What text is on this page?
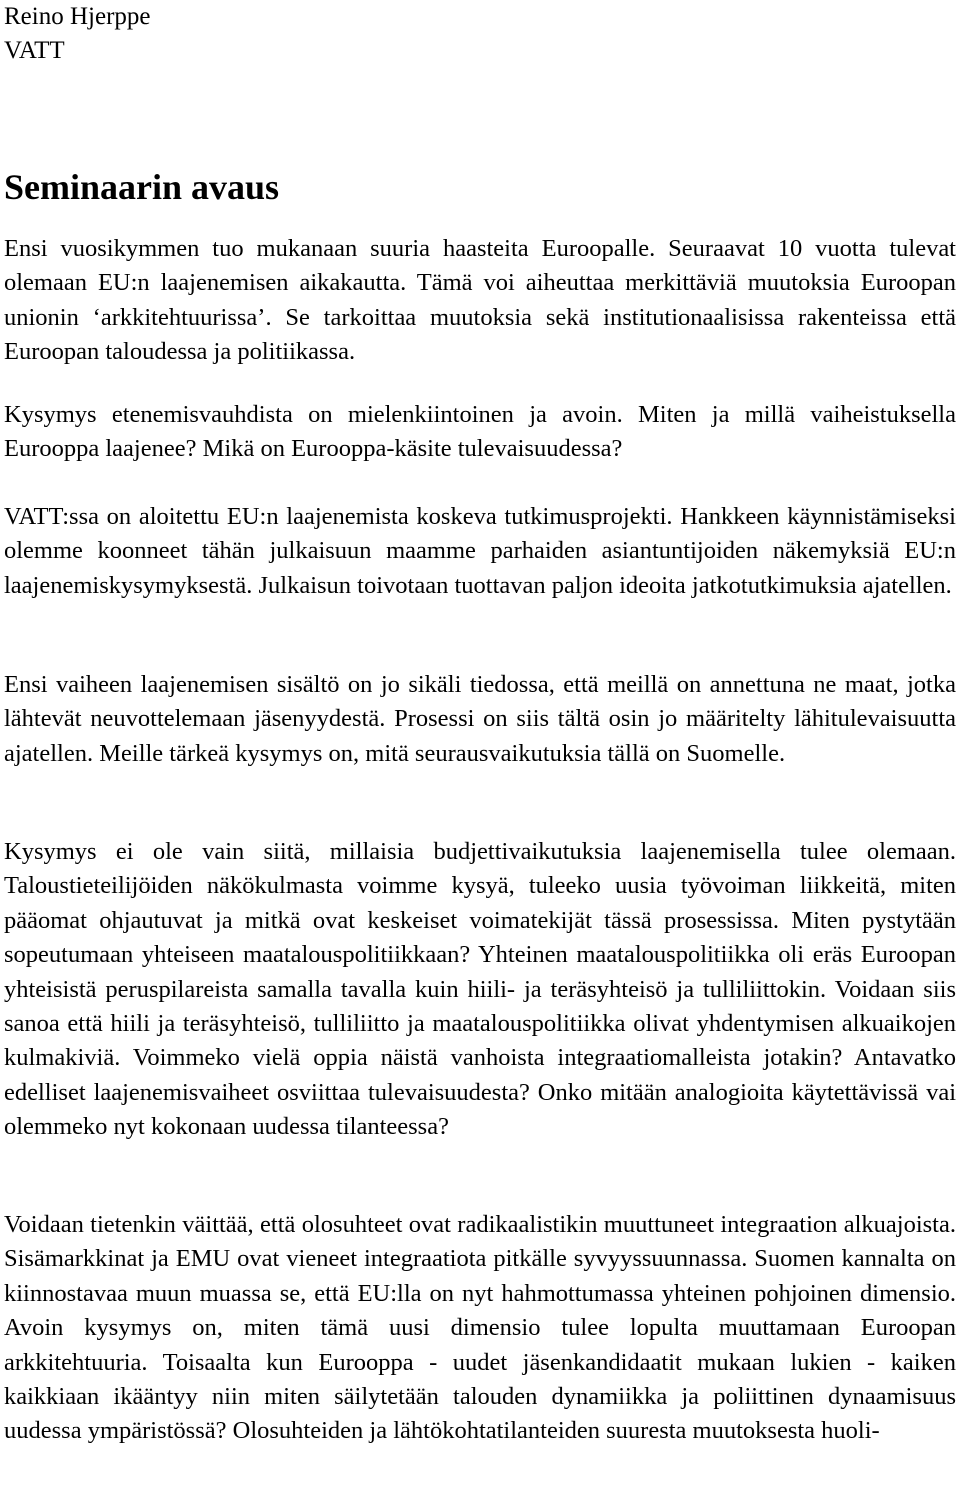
Reino Hjerppe

VATT

Seminaarin avaus

Ensi vuosikymmen tuo mukanaan suuria haasteita Euroopalle. Seuraavat 10 vuotta tulevat olemaan EU:n laajenemisen aikakautta. Tämä voi aiheuttaa merkittäviä muutoksia Euroopan unionin ‘arkkitehtuurissa’. Se tarkoittaa muutoksia sekä institutionaalisissa rakenteissa että Euroopan taloudessa ja politiikassa.

Kysymys etenemisvauhdista on mielenkiintoinen ja avoin. Miten ja millä vaiheistuksella Eurooppa laajenee? Mikä on Eurooppa-käsite tulevaisuudessa?

VATT:ssa on aloitettu EU:n laajenemista koskeva tutkimusprojekti. Hankkeen käynnistämiseksi olemme koonneet tähän julkaisuun maamme parhaiden asiantuntijoiden näkemyksiä EU:n laajenemiskysymyksestä. Julkaisun toivotaan tuottavan paljon ideoita jatkotutkimuksia ajatellen.

Ensi vaiheen laajenemisen sisältö on jo sikäli tiedossa, että meillä on annettuna ne maat, jotka lähtevät neuvottelemaan jäsenyydestä. Prosessi on siis tältä osin jo määritelty lähitulevaisuutta ajatellen. Meille tärkeä kysymys on, mitä seurausvaikutuksia tällä on Suomelle.

Kysymys ei ole vain siitä, millaisia budjettivaikutuksia laajenemisella tulee olemaan. Taloustieteilijöiden näkökulmasta voimme kysyä, tuleeko uusia työvoiman liikkeitä, miten pääomat ohjautuvat ja mitkä ovat keskeiset voimatekijät tässä prosessissa. Miten pystytään sopeutumaan yhteiseen maatalouspolitiikkaan? Yhteinen maatalouspolitiikka oli eräs Euroopan yhteisistä peruspilareista samalla tavalla kuin hiili- ja teräsyhteisö ja tulliliittokin. Voidaan siis sanoa että hiili ja teräsyhteisö, tulliliitto ja maatalouspolitiikka olivat yhdentymisen alkuaikojen kulmakiviä. Voimmeko vielä oppia näistä vanhoista integraatiomalleista jotakin? Antavatko edelliset laajenemisvaiheet osviittaa tulevaisuudesta? Onko mitään analogioita käytettävissä vai olemmeko nyt kokonaan uudessa tilanteessa?

Voidaan tietenkin väittää, että olosuhteet ovat radikaalistikin muuttuneet integraation alkuajoista. Sisämarkkinat ja EMU ovat vieneet integraatiota pitkälle syvyyssuunnassa. Suomen kannalta on kiinnostavaa muun muassa se, että EU:lla on nyt hahmottumassa yhteinen pohjoinen dimensio. Avoin kysymys on, miten tämä uusi dimensio tulee lopulta muuttamaan Euroopan arkkitehtuuria. Toisaalta kun Eurooppa - uudet jäsenkandidaatit mukaan lukien - kaiken kaikkiaan ikääntyy niin miten säilytetään talouden dynamiikka ja poliittinen dynaamisuus uudessa ympäristössä? Olosuhteiden ja lähtökohtatilanteiden suuresta muutoksesta huoli-
